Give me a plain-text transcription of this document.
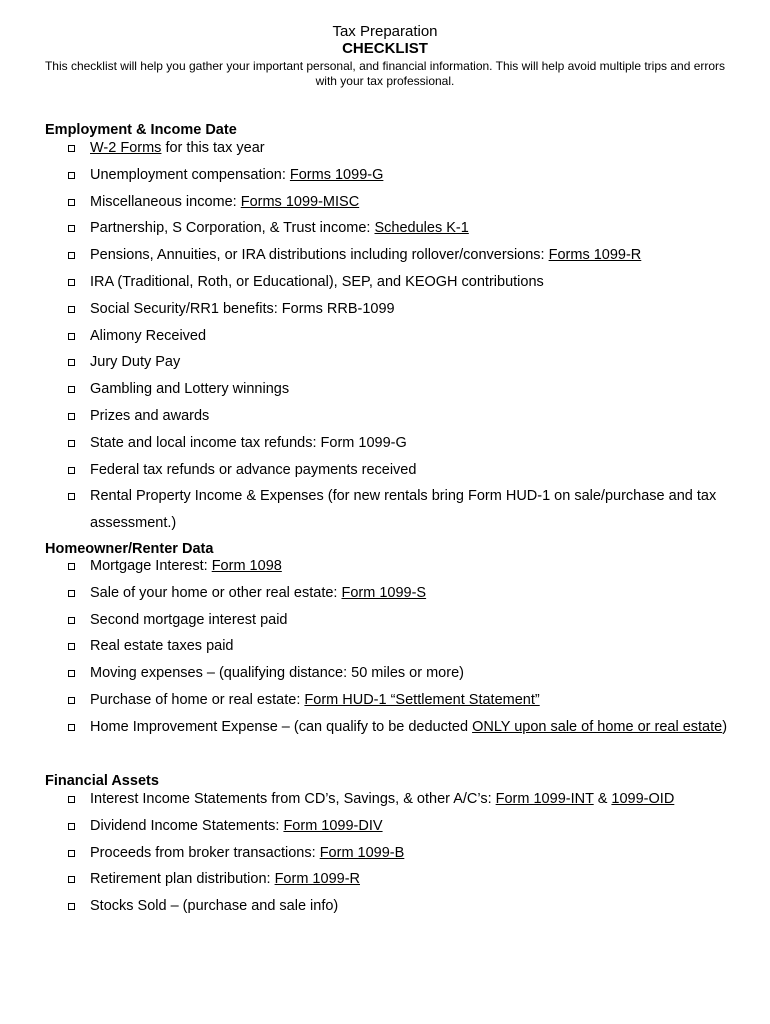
Tax Preparation
CHECKLIST
This checklist will help you gather your important personal, and financial information. This will help avoid multiple trips and errors with your tax professional.
Employment & Income Date
W-2 Forms for this tax year
Unemployment compensation: Forms 1099-G
Miscellaneous income: Forms 1099-MISC
Partnership, S Corporation, & Trust income: Schedules K-1
Pensions, Annuities, or IRA distributions including rollover/conversions: Forms 1099-R
IRA (Traditional, Roth, or Educational), SEP, and KEOGH contributions
Social Security/RR1 benefits: Forms RRB-1099
Alimony Received
Jury Duty Pay
Gambling and Lottery winnings
Prizes and awards
State and local income tax refunds: Form 1099-G
Federal tax refunds or advance payments received
Rental Property Income & Expenses (for new rentals bring Form HUD-1 on sale/purchase and tax assessment.)
Homeowner/Renter Data
Mortgage Interest: Form 1098
Sale of your home or other real estate: Form 1099-S
Second mortgage interest paid
Real estate taxes paid
Moving expenses – (qualifying distance: 50 miles or more)
Purchase of home or real estate: Form HUD-1 “Settlement Statement”
Home Improvement Expense – (can qualify to be deducted ONLY upon sale of home or real estate)
Financial Assets
Interest Income Statements from CD’s, Savings, & other A/C’s: Form 1099-INT & 1099-OID
Dividend Income Statements: Form 1099-DIV
Proceeds from broker transactions: Form 1099-B
Retirement plan distribution: Form 1099-R
Stocks Sold – (purchase and sale info)
